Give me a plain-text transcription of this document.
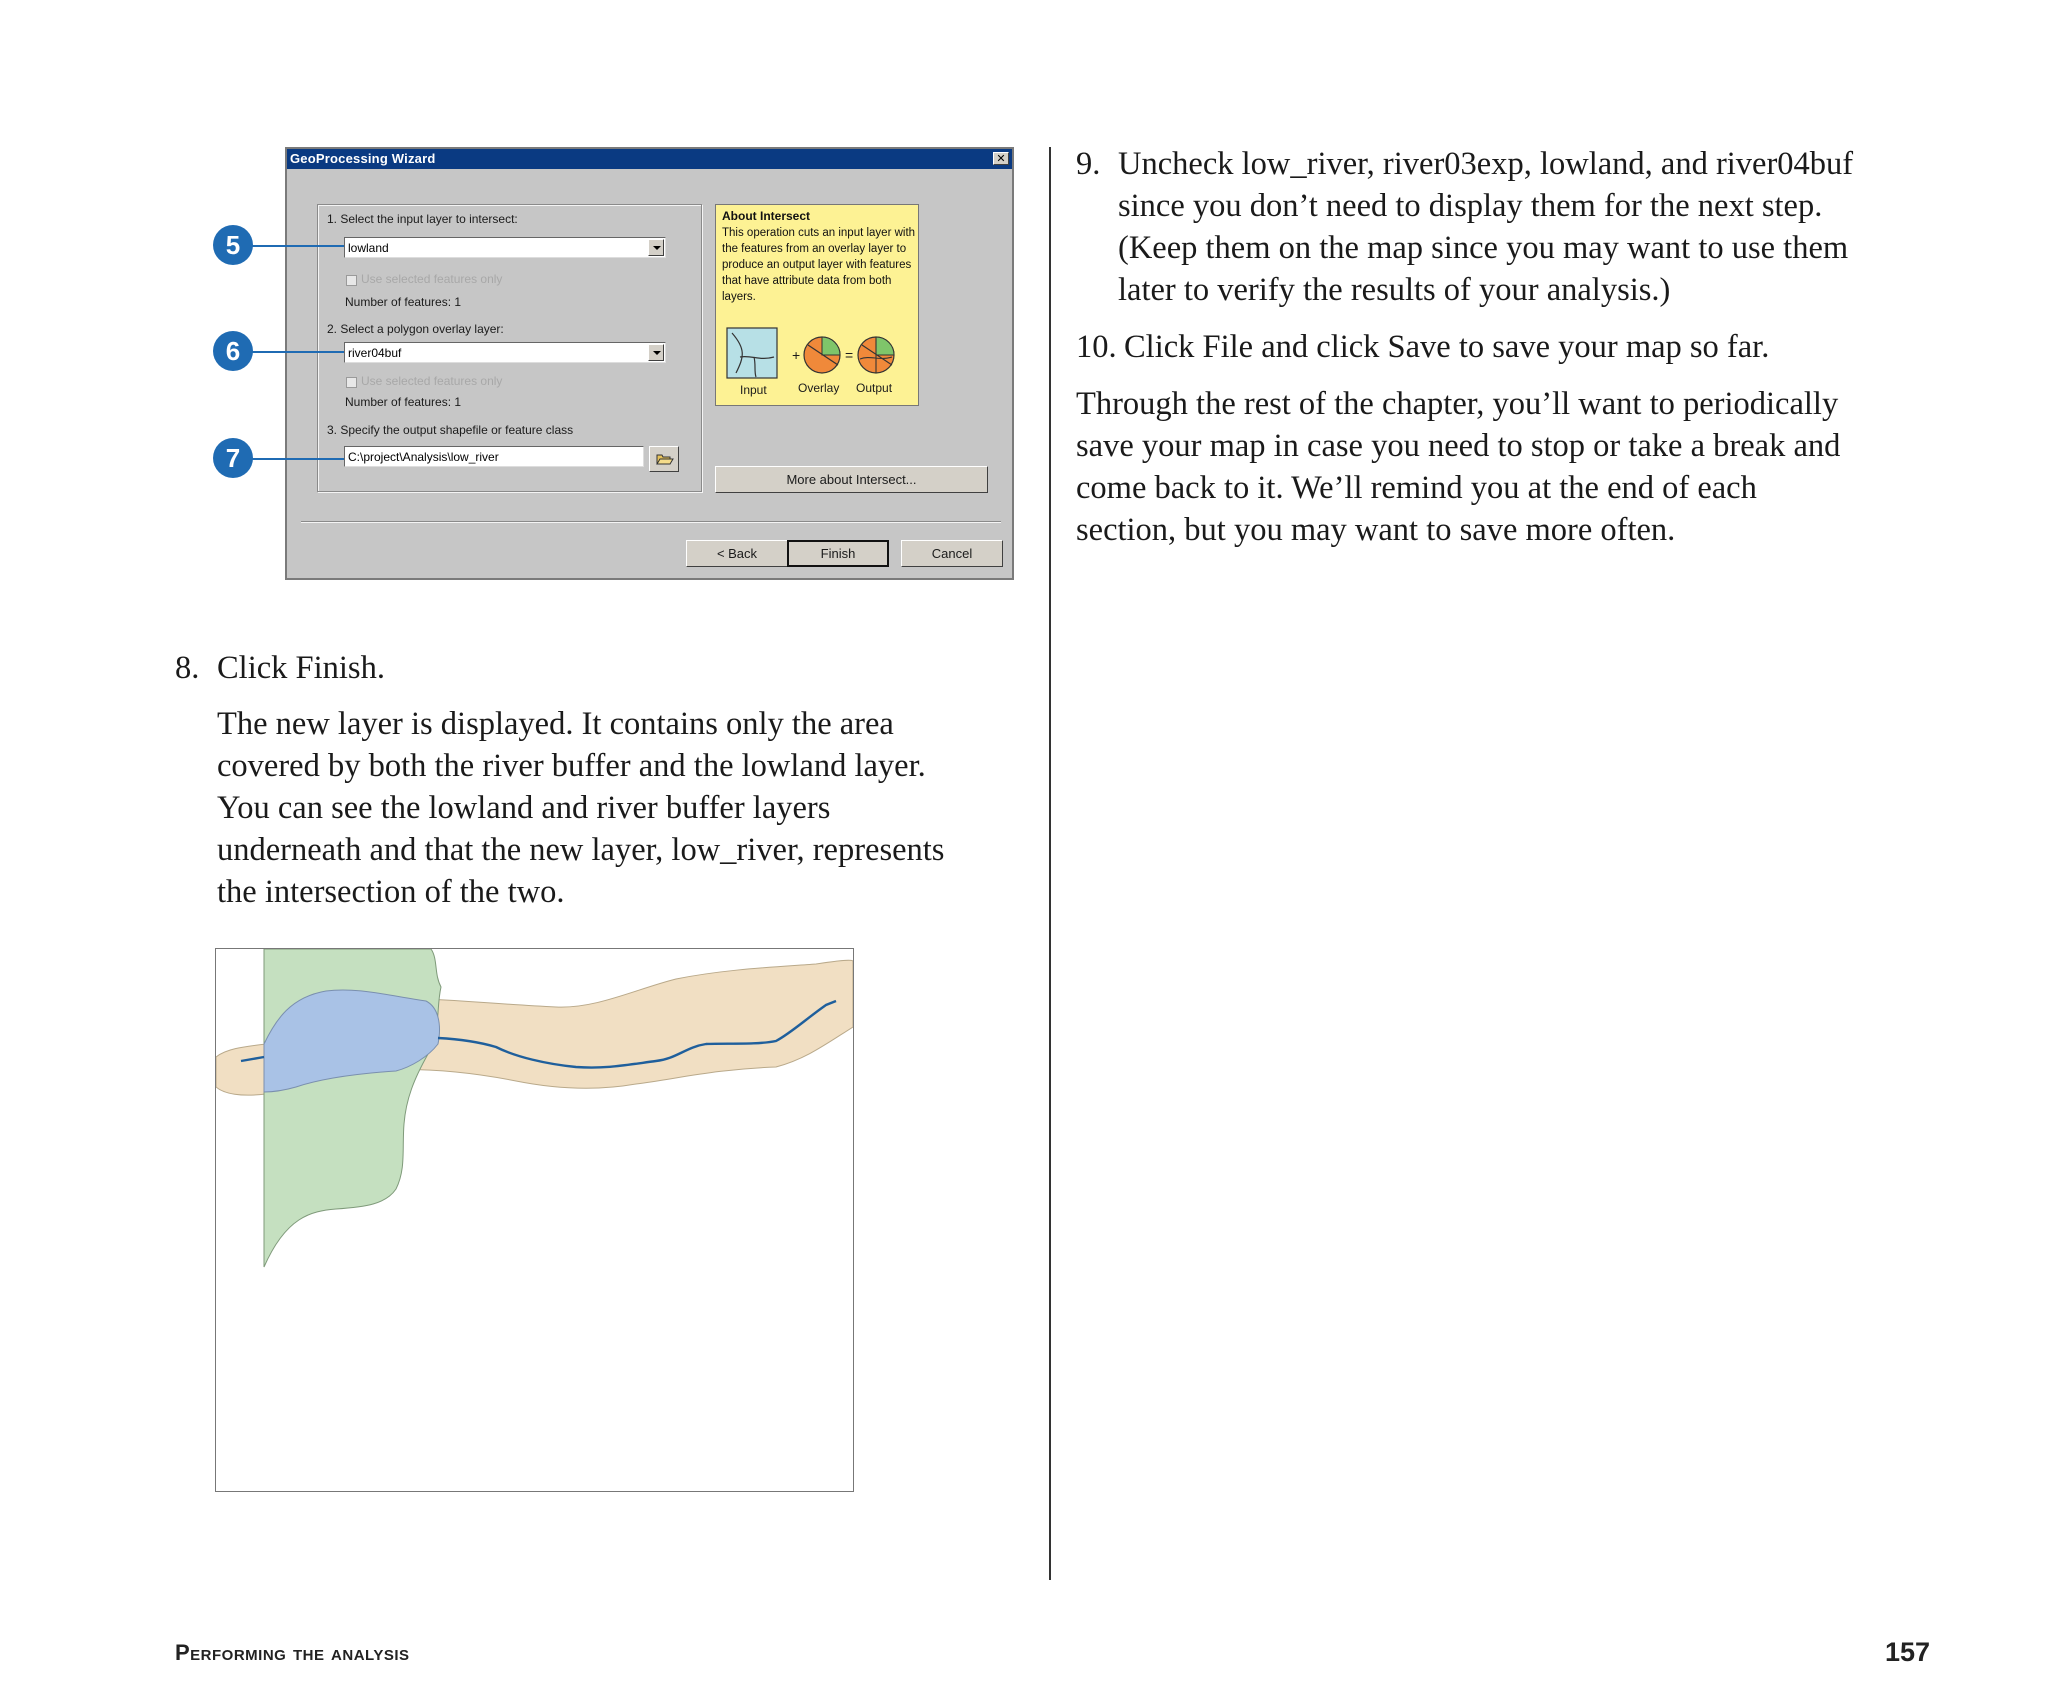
GeoProcessing Wizard	✕
1. Select the input layer to intersect:
lowland
Use selected features only
Number of features: 1
2. Select a polygon overlay layer:
river04buf
Use selected features only
Number of features: 1
3. Specify the output shapefile or feature class
C:\project\Analysis\low_river
About Intersect
This operation cuts an input layer with the features from an overlay layer to produce an output layer with features that have attribute data from both layers.
+	=
Input	Overlay Output
More about Intersect...
< Back	Finish	Cancel
5
6
7
8. Click Finish.
The new layer is displayed. It contains only the area
covered by both the river buffer and the lowland layer.
You can see the lowland and river buffer layers
underneath and that the new layer, low_river, represents
the intersection of the two.
9. Uncheck low_river, river03exp, lowland, and river04buf
since you don’t need to display them for the next step.
(Keep them on the map since you may want to use them
later to verify the results of your analysis.)
10. Click File and click Save to save your map so far.
Through the rest of the chapter, you’ll want to periodically
save your map in case you need to stop or take a break and
come back to it. We’ll remind you at the end of each
section, but you may want to save more often.
Performing the analysis	157
